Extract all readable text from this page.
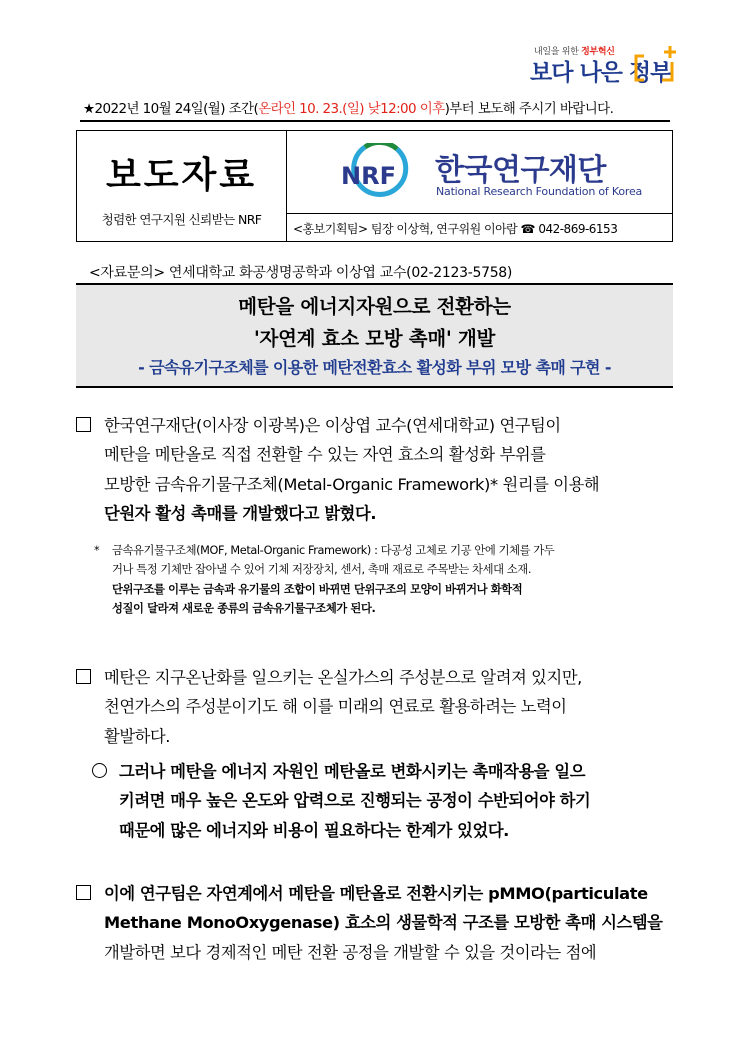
내일을 위한 정부혁신
보다 나은 정부
★2022년 10월 24일(월) 조간(온라인 10. 23.(일) 낮12:00 이후)부터 보도해 주시기 바랍니다.
보도자료
청렴한 연구지원 신뢰받는 NRF
NRF 한국연구재단
National Research Foundation of Korea
<홍보기획팀> 팀장 이상혁, 연구위원 이아람 ☎ 042-869-6153
<자료문의> 연세대학교 화공생명공학과 이상엽 교수(02-2123-5758)
메탄을 에너지자원으로 전환하는
'자연계 효소 모방 촉매' 개발
- 금속유기구조체를 이용한 메탄전환효소 활성화 부위 모방 촉매 구현 -
한국연구재단(이사장 이광복)은 이상엽 교수(연세대학교) 연구팀이
메탄을 메탄올로 직접 전환할 수 있는 자연 효소의 활성화 부위를
모방한 금속유기물구조체(Metal-Organic Framework)* 원리를 이용해
단원자 활성 촉매를 개발했다고 밝혔다.
* 금속유기물구조체(MOF, Metal-Organic Framework) : 다공성 고체로 기공 안에 기체를 가두
거나 특정 기체만 잡아낼 수 있어 기체 저장장치, 센서, 촉매 재료로 주목받는 차세대 소재.
단위구조를 이루는 금속과 유기물의 조합이 바뀌면 단위구조의 모양이 바뀌거나 화학적
성질이 달라져 새로운 종류의 금속유기물구조체가 된다.
메탄은 지구온난화를 일으키는 온실가스의 주성분으로 알려져 있지만,
천연가스의 주성분이기도 해 이를 미래의 연료로 활용하려는 노력이
활발하다.
그러나 메탄을 에너지 자원인 메탄올로 변화시키는 촉매작용을 일으
키려면 매우 높은 온도와 압력으로 진행되는 공정이 수반되어야 하기
때문에 많은 에너지와 비용이 필요하다는 한계가 있었다.
이에 연구팀은 자연계에서 메탄을 메탄올로 전환시키는 pMMO(particulate
Methane MonoOxygenase) 효소의 생물학적 구조를 모방한 촉매 시스템을
개발하면 보다 경제적인 메탄 전환 공정을 개발할 수 있을 것이라는 점에
